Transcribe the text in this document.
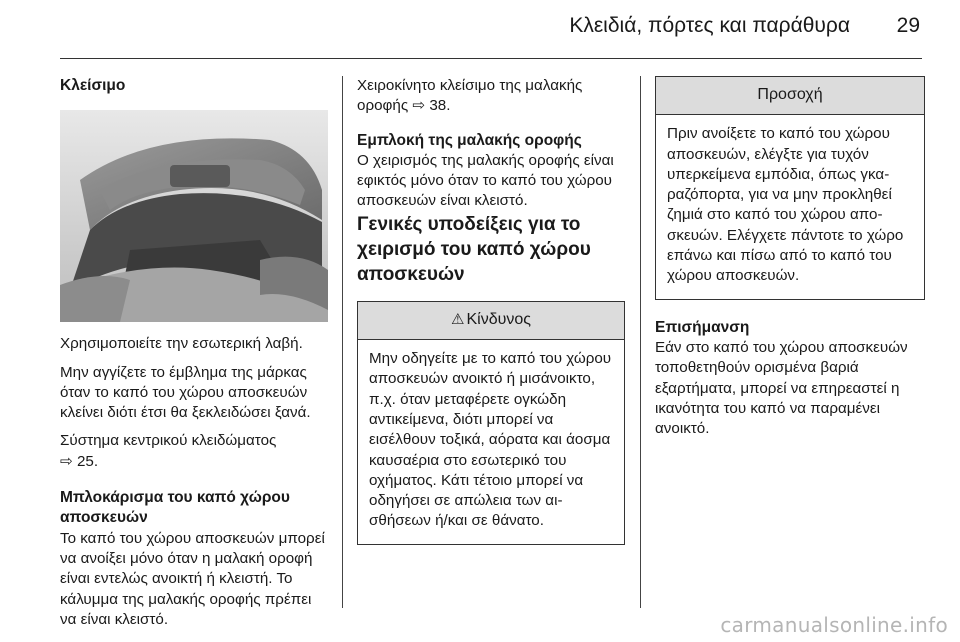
Κλειδιά, πόρτες και παράθυρα 29

Κλείσιμο

Χρησιμοποιείτε την εσωτερική λαβή.

Μην αγγίζετε το έμβλημα της μάρκας όταν το καπό του χώρου αποσκευών κλείνει διότι έτσι θα ξεκλειδώσει ξανά.

Σύστημα κεντρικού κλειδώματος
⇨ 25.

Μπλοκάρισμα του καπό χώρου αποσκευών

Το καπό του χώρου αποσκευών μπορεί να ανοίξει μόνο όταν η μαλακή οροφή είναι εντελώς ανοικτή ή κλειστή. Το κάλυμμα της μαλακής οροφής πρέπει να είναι κλειστό.

Χειροκίνητο κλείσιμο της μαλακής οροφής ⇨ 38.

Εμπλοκή της μαλακής οροφής

Ο χειρισμός της μαλακής οροφής είναι εφικτός μόνο όταν το καπό του χώρου αποσκευών είναι κλειστό.

Γενικές υποδείξεις για το χειρισμό του καπό χώρου αποσκευών

⚠ Κίνδυνος
Μην οδηγείτε με το καπό του χώρου αποσκευών ανοικτό ή μισάνοικτο, π.χ. όταν μεταφέρετε ογκώδη αντικείμενα, διότι μπορεί να εισέλθουν τοξικά, αόρατα και άοσμα καυσαέρια στο εσωτερικό του οχήματος. Κάτι τέτοιο μπορεί να οδηγήσει σε απώλεια των αισθήσεων ή/και σε θάνατο.
Προσοχή
Πριν ανοίξετε το καπό του χώρου αποσκευών, ελέγξτε για τυχόν υπερκείμενα εμπόδια, όπως γκαραζόπορτα, για να μην προκληθεί ζημιά στο καπό του χώρου αποσκευών. Ελέγχετε πάντοτε το χώρο επάνω και πίσω από το καπό του χώρου αποσκευών.

Επισήμανση

Εάν στο καπό του χώρου αποσκευών τοποθετηθούν ορισμένα βαριά εξαρτήματα, μπορεί να επηρεαστεί η ικανότητα του καπό να παραμένει ανοικτό.

carmanualsonline.info
